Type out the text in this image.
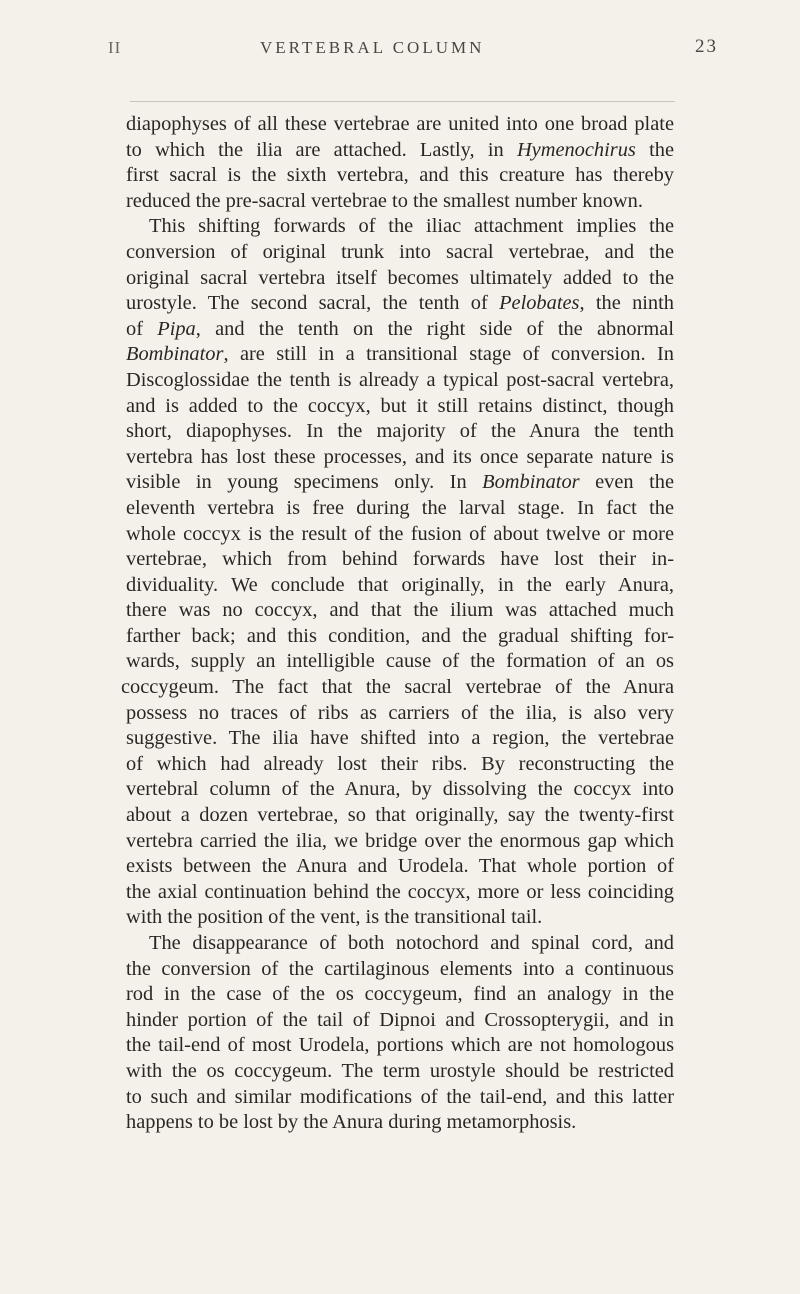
II	VERTEBRAL COLUMN	23
diapophyses of all these vertebrae are united into one broad plate
to which the ilia are attached. Lastly, in Hymenochirus the
first sacral is the sixth vertebra, and this creature has thereby
reduced the pre-sacral vertebrae to the smallest number known.
This shifting forwards of the iliac attachment implies the
conversion of original trunk into sacral vertebrae, and the
original sacral vertebra itself becomes ultimately added to the
urostyle. The second sacral, the tenth of Pelobates, the ninth
of Pipa, and the tenth on the right side of the abnormal
Bombinator, are still in a transitional stage of conversion. In
Discoglossidae the tenth is already a typical post-sacral vertebra,
and is added to the coccyx, but it still retains distinct, though
short, diapophyses. In the majority of the Anura the tenth
vertebra has lost these processes, and its once separate nature is
visible in young specimens only. In Bombinator even the
eleventh vertebra is free during the larval stage. In fact the
whole coccyx is the result of the fusion of about twelve or more
vertebrae, which from behind forwards have lost their in-
dividuality. We conclude that originally, in the early Anura,
there was no coccyx, and that the ilium was attached much
farther back; and this condition, and the gradual shifting for-
wards, supply an intelligible cause of the formation of an os
coccygeum. The fact that the sacral vertebrae of the Anura
possess no traces of ribs as carriers of the ilia, is also very
suggestive. The ilia have shifted into a region, the vertebrae
of which had already lost their ribs. By reconstructing the
vertebral column of the Anura, by dissolving the coccyx into
about a dozen vertebrae, so that originally, say the twenty-first
vertebra carried the ilia, we bridge over the enormous gap which
exists between the Anura and Urodela. That whole portion of
the axial continuation behind the coccyx, more or less coinciding
with the position of the vent, is the transitional tail.
The disappearance of both notochord and spinal cord, and
the conversion of the cartilaginous elements into a continuous
rod in the case of the os coccygeum, find an analogy in the
hinder portion of the tail of Dipnoi and Crossopterygii, and in
the tail-end of most Urodela, portions which are not homologous
with the os coccygeum. The term urostyle should be restricted
to such and similar modifications of the tail-end, and this latter
happens to be lost by the Anura during metamorphosis.
